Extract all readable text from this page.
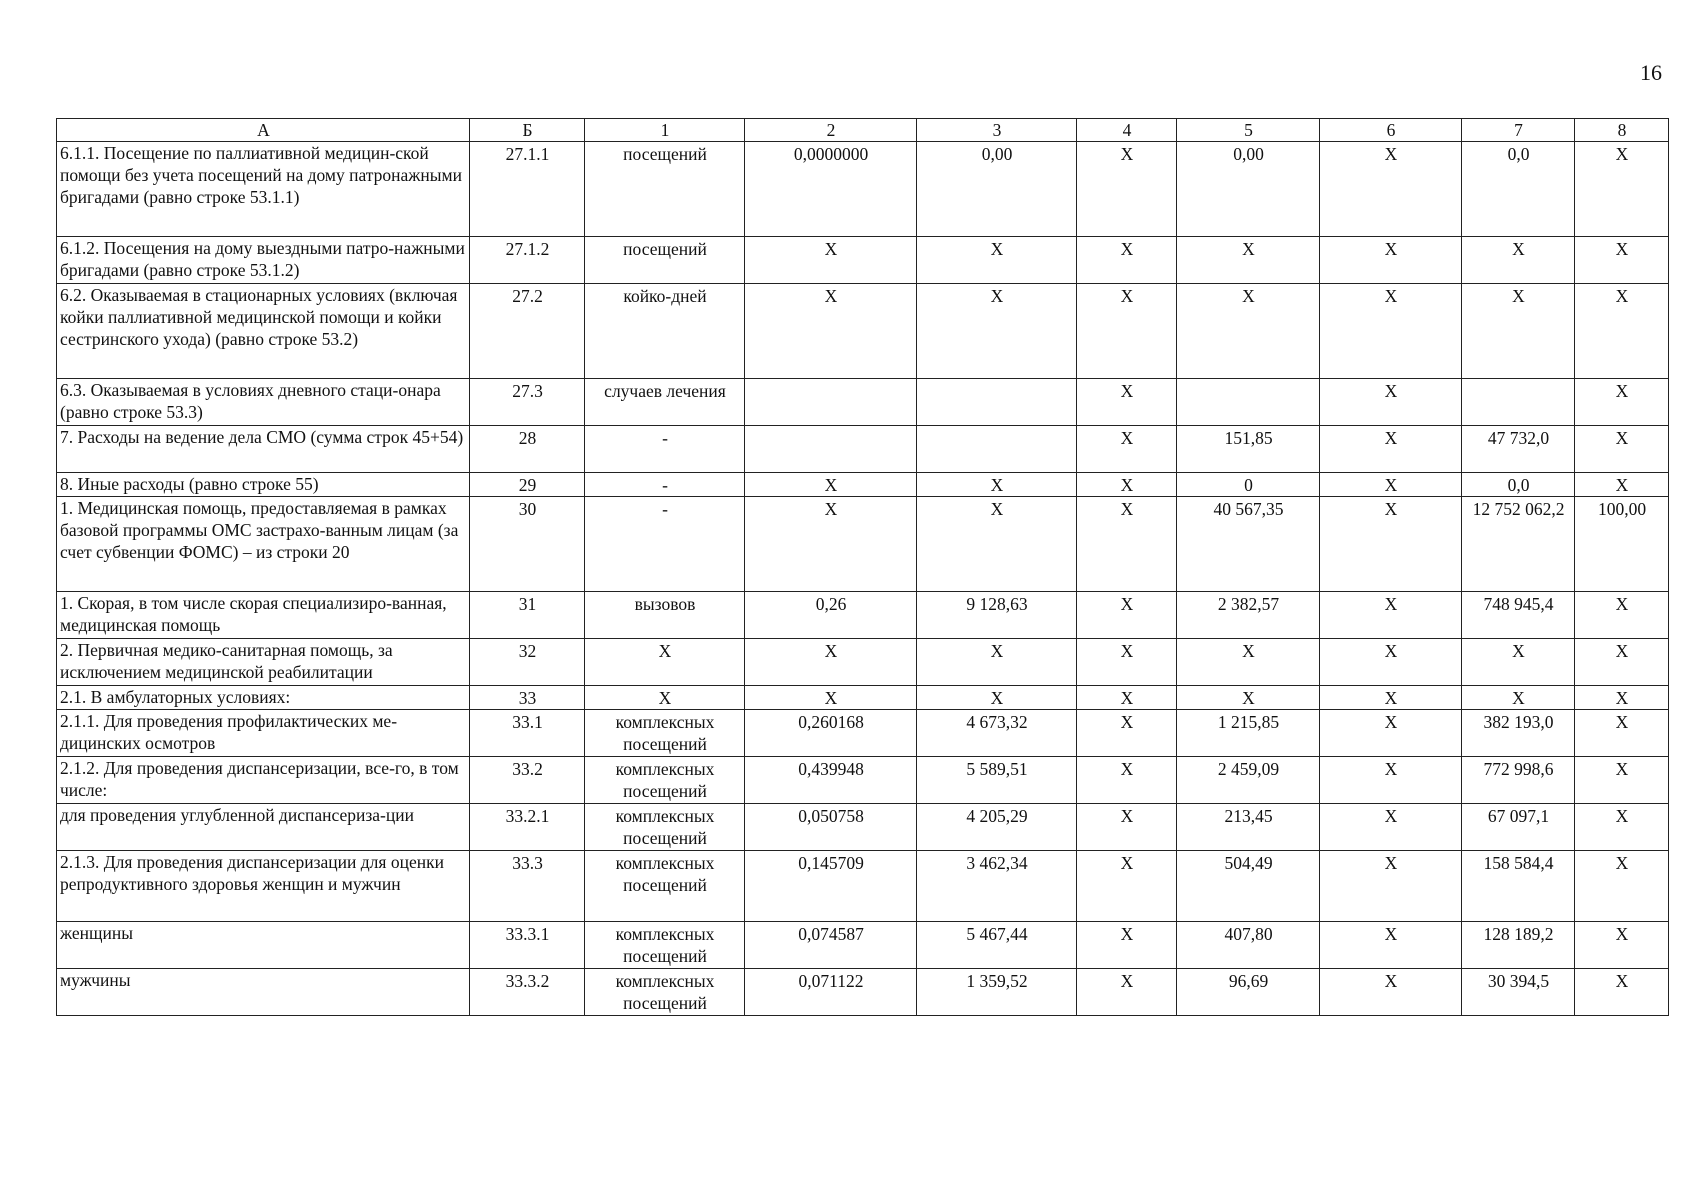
16
А	Б	1	2	3	4	5	6	7	8
6.1.1. Посещение по паллиативной медицин-ской помощи без учета посещений на дому патронажными бригадами (равно строке 53.1.1)	27.1.1	посещений	0,0000000	0,00	X	0,00	X	0,0	X
6.1.2. Посещения на дому выездными патро-нажными бригадами (равно строке 53.1.2)	27.1.2	посещений	X	X	X	X	X	X	X
6.2. Оказываемая в стационарных условиях (включая койки паллиативной медицинской помощи и койки сестринского ухода) (равно строке 53.2)	27.2	койко-дней	X	X	X	X	X	X	X
6.3. Оказываемая в условиях дневного стаци-онара (равно строке 53.3)	27.3	случаев лечения			X		X		X
7. Расходы на ведение дела СМО (сумма строк 45+54)	28	-			X	151,85	X	47 732,0	X
8. Иные расходы (равно строке 55)	29	-	X	X	X	0	X	0,0	X
1. Медицинская помощь, предоставляемая в рамках базовой программы ОМС застрахо-ванным лицам (за счет субвенции ФОМС) – из строки 20	30	-	X	X	X	40 567,35	X	12 752 062,2	100,00
1. Скорая, в том числе скорая специализиро-ванная, медицинская помощь	31	вызовов	0,26	9 128,63	X	2 382,57	X	748 945,4	X
2. Первичная медико-санитарная помощь, за исключением медицинской реабилитации	32	X	X	X	X	X	X	X	X
2.1. В амбулаторных условиях:	33	X	X	X	X	X	X	X	X
2.1.1. Для проведения профилактических ме-дицинских осмотров	33.1	комплексных посещений	0,260168	4 673,32	X	1 215,85	X	382 193,0	X
2.1.2. Для проведения диспансеризации, все-го, в том числе:	33.2	комплексных посещений	0,439948	5 589,51	X	2 459,09	X	772 998,6	X
для проведения углубленной диспансериза-ции	33.2.1	комплексных посещений	0,050758	4 205,29	X	213,45	X	67 097,1	X
2.1.3. Для проведения диспансеризации для оценки репродуктивного здоровья женщин и мужчин	33.3	комплексных посещений	0,145709	3 462,34	X	504,49	X	158 584,4	X
женщины	33.3.1	комплексных посещений	0,074587	5 467,44	X	407,80	X	128 189,2	X
мужчины	33.3.2	комплексных посещений	0,071122	1 359,52	X	96,69	X	30 394,5	X
